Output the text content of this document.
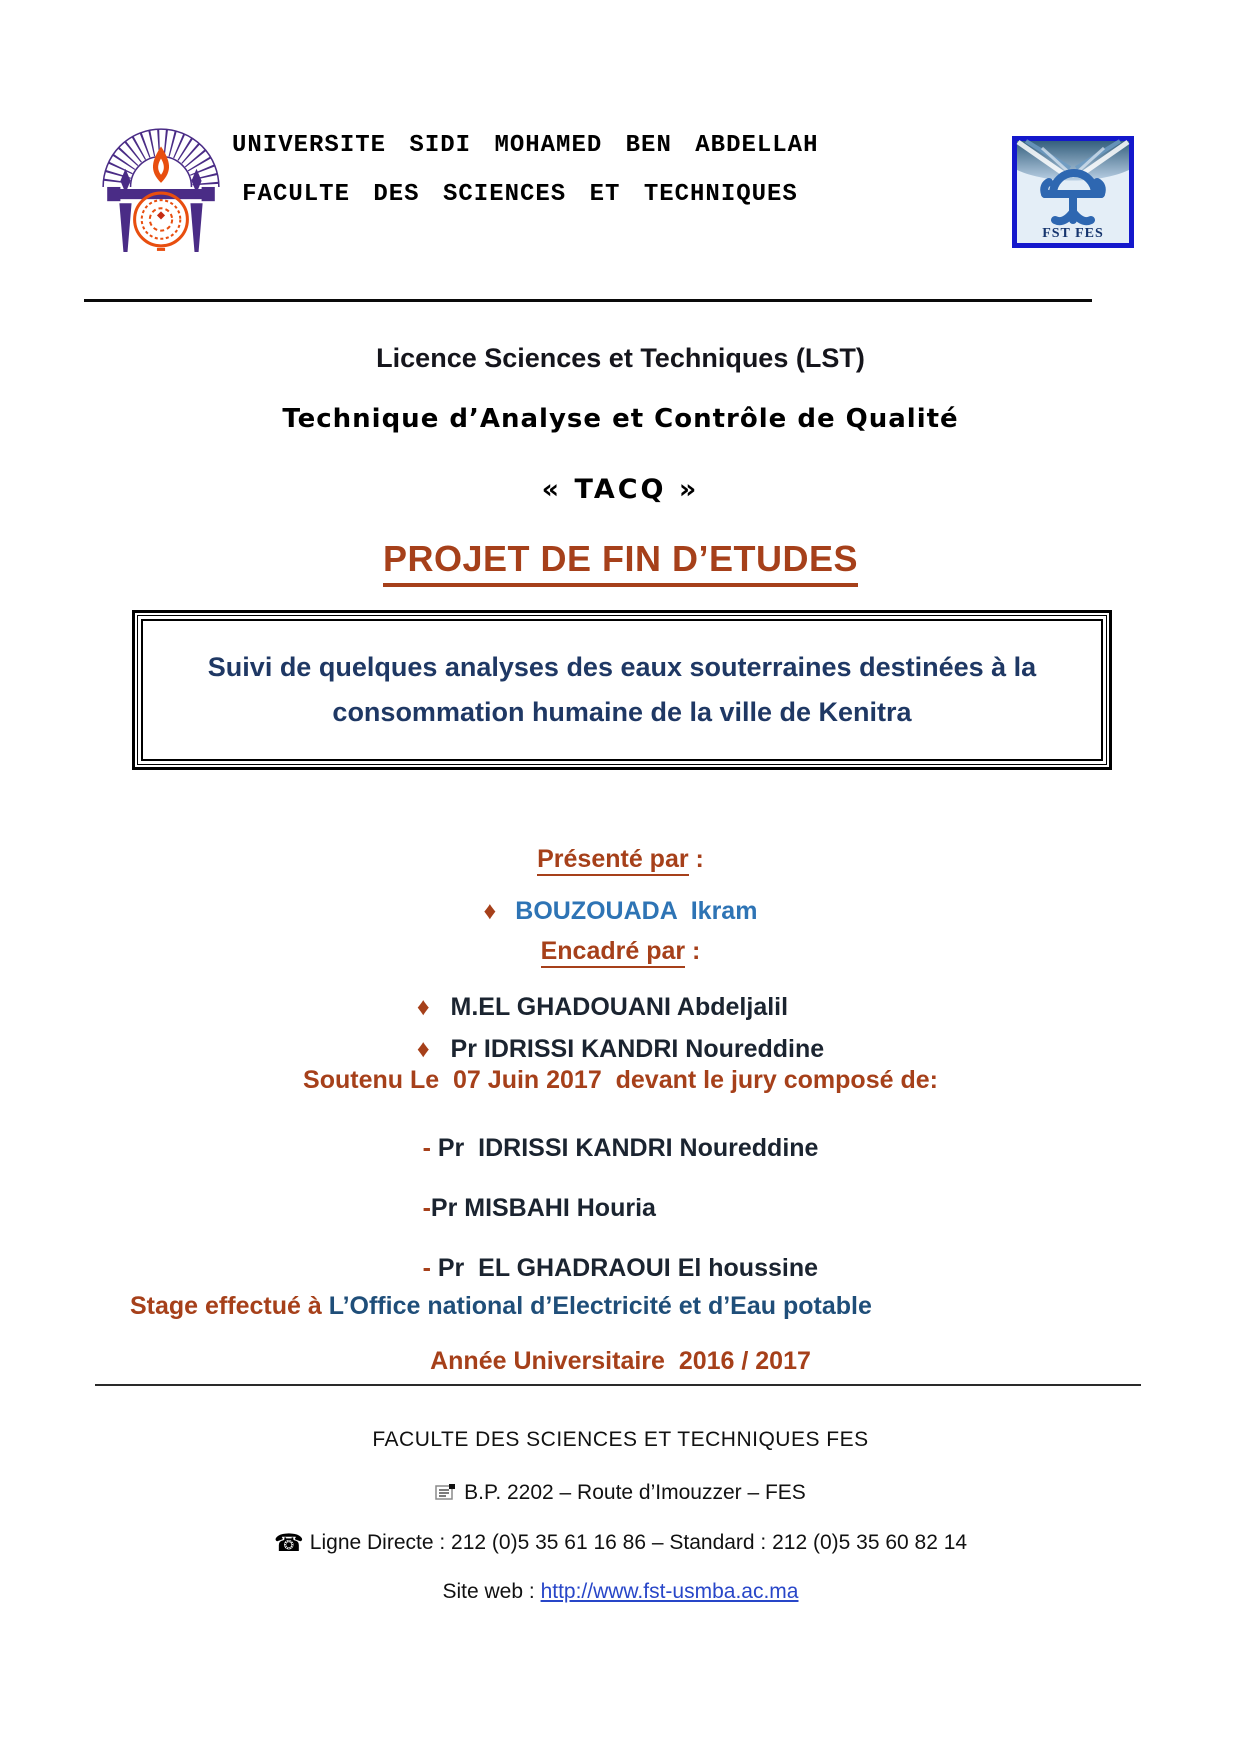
UNIVERSITE SIDI MOHAMED BEN ABDELLAH
FACULTE DES SCIENCES ET TECHNIQUES
FST FES
Licence Sciences et Techniques (LST)
Technique d’Analyse et Contrôle de Qualité
« TACQ »
PROJET DE FIN D’ETUDES
Suivi de quelques analyses des eaux souterraines destinées à la
consommation humaine de la ville de Kenitra
Présenté par :
♦ BOUZOUADA  Ikram
Encadré par :
♦ M.EL GHADOUANI Abdeljalil
♦ Pr IDRISSI KANDRI Noureddine
Soutenu Le  07 Juin 2017  devant le jury composé de:
- Pr  IDRISSI KANDRI Noureddine
-Pr MISBAHI Houria
- Pr  EL GHADRAOUI El houssine
Stage effectué à L’Office national d’Electricité et d’Eau potable
Année Universitaire  2016 / 2017
FACULTE DES SCIENCES ET TECHNIQUES FES
B.P. 2202 – Route d’Imouzzer – FES
☎ Ligne Directe : 212 (0)5 35 61 16 86 – Standard : 212 (0)5 35 60 82 14
Site web : http://www.fst-usmba.ac.ma
